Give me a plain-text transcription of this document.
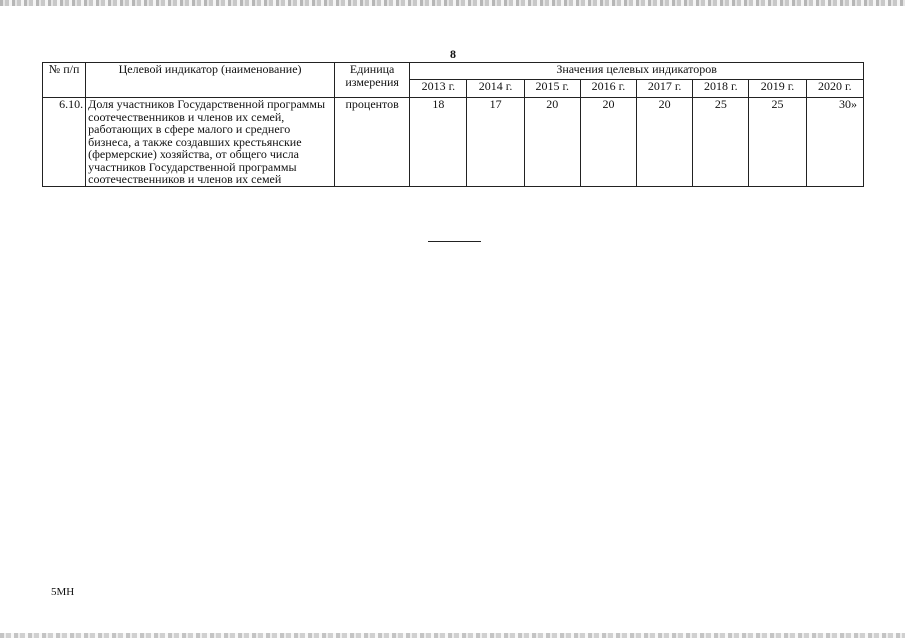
8
№ п/п	Целевой индикатор (наименование)	Единица измерения	Значения целевых индикаторов							
			2013 г.	2014 г.	2015 г.	2016 г.	2017 г.	2018 г.	2019 г.	2020 г.
6.10.	Доля участников Государственной программы соотечественников и членов их семей, работающих в сфере малого и среднего бизнеса, а также создавших крестьянские (фермерские) хозяйства, от общего числа участников Государственной программы соотечественников и членов их семей	процентов	18	17	20	20	20	25	25	30»
5МН
